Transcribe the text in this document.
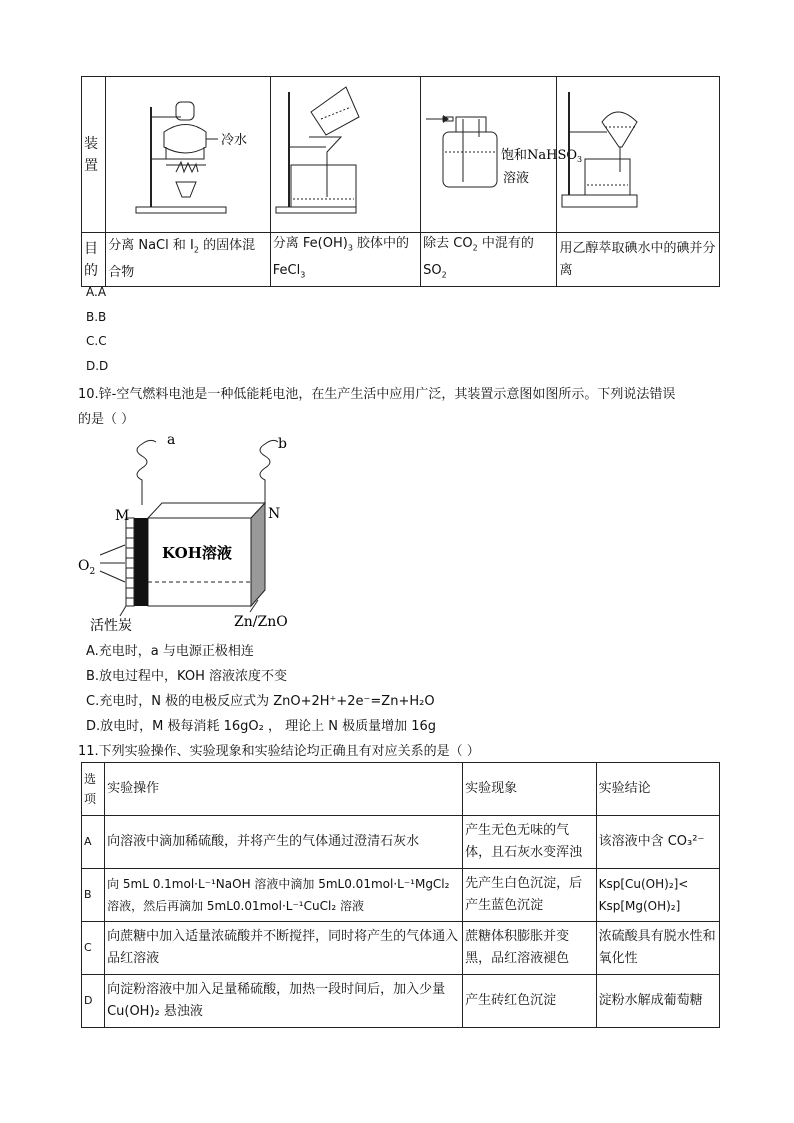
装置	冷水		饱和NaHSO$_3$
溶液

目的	分离 NaCl 和 $I_2$ 的固体混合物	分离 $Fe(OH)_3$ 胶体中的 FeCl$_3$	除去 $CO_2$ 中混有的 $SO_2$	用乙醇萃取碘水中的碘并分离
A.A
B.B
C.C
D.D
10.锌-空气燃料电池是一种低能耗电池，在生产生活中应用广泛，其装置示意图如图所示。下列说法错误
的是（ ）
a	b
M	N
KOH溶液
$O_2$
活性炭	Zn/ZnO
A.充电时，a 与电源正极相连
B.放电过程中，KOH 溶液浓度不变
C.充电时，N 极的电极反应式为 ZnO+2H⁺+2e⁻=Zn+H₂O
D.放电时，M 极每消耗 16gO₂ ， 理论上 N 极质量增加 16g
11.下列实验操作、实验现象和实验结论均正确且有对应关系的是（ ）
选项	实验操作	实验现象	实验结论
A	向溶液中滴加稀硫酸，并将产生的气体通过澄清石灰水	产生无色无味的气体，且石灰水变浑浊	该溶液中含 CO₃²⁻
B	向 5mL 0.1mol·L⁻¹NaOH 溶液中滴加 5mL0.01mol·L⁻¹MgCl₂ 溶液，然后再滴加 5mL0.01mol·L⁻¹CuCl₂ 溶液	先产生白色沉淀，后产生蓝色沉淀	Ksp[Cu(OH)₂]< Ksp[Mg(OH)₂]
C	向蔗糖中加入适量浓硫酸并不断搅拌，同时将产生的气体通入品红溶液	蔗糖体积膨胀并变黑，品红溶液褪色	浓硫酸具有脱水性和氧化性
D	向淀粉溶液中加入足量稀硫酸，加热一段时间后，加入少量 Cu(OH)₂ 悬浊液	产生砖红色沉淀	淀粉水解成葡萄糖
